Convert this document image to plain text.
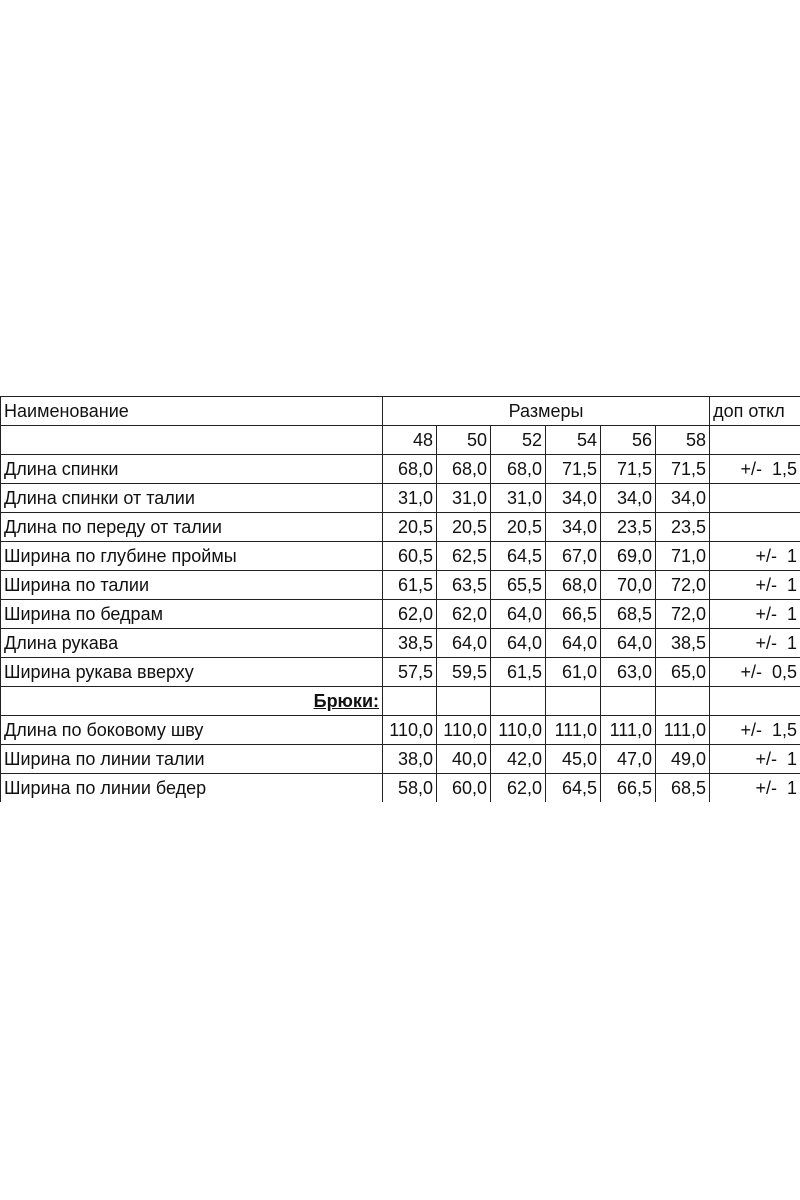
Наименование	Размеры						доп откл
	48	50	52	54	56	58	
Длина спинки	68,0	68,0	68,0	71,5	71,5	71,5	+/-  1,5
Длина спинки от талии	31,0	31,0	31,0	34,0	34,0	34,0	
Длина по переду от талии	20,5	20,5	20,5	34,0	23,5	23,5	
Ширина по глубине проймы	60,5	62,5	64,5	67,0	69,0	71,0	+/-  1
Ширина по талии	61,5	63,5	65,5	68,0	70,0	72,0	+/-  1
Ширина по бедрам	62,0	62,0	64,0	66,5	68,5	72,0	+/-  1
Длина рукава	38,5	64,0	64,0	64,0	64,0	38,5	+/-  1
Ширина рукава вверху	57,5	59,5	61,5	61,0	63,0	65,0	+/-  0,5
Брюки:							
Длина по боковому шву	110,0	110,0	110,0	111,0	111,0	111,0	+/-  1,5
Ширина по линии талии	38,0	40,0	42,0	45,0	47,0	49,0	+/-  1
Ширина по линии бедер	58,0	60,0	62,0	64,5	66,5	68,5	+/-  1
